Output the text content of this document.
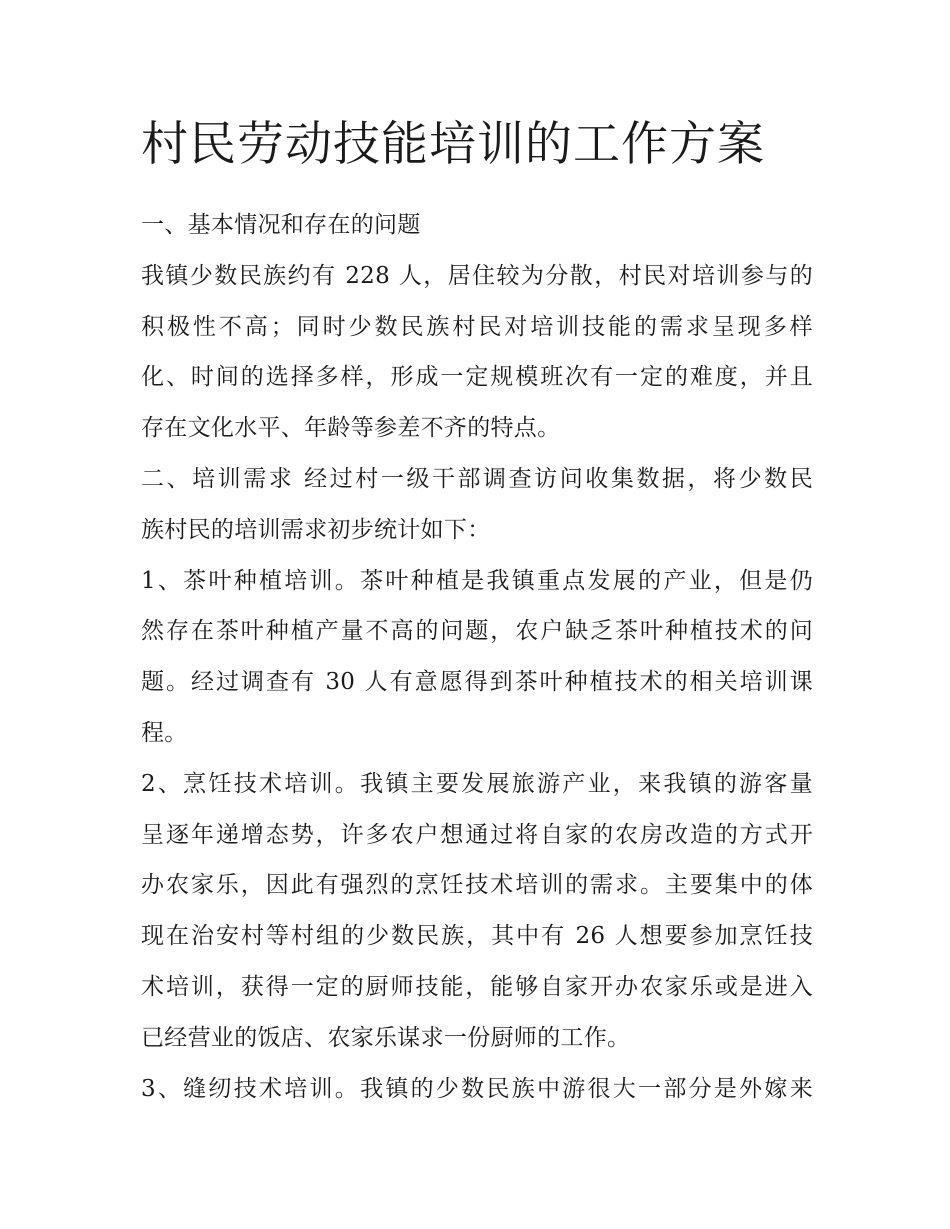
村民劳动技能培训的工作方案
一、基本情况和存在的问题
我镇少数民族约有 228 人，居住较为分散，村民对培训参与的
积极性不高；同时少数民族村民对培训技能的需求呈现多样
化、时间的选择多样，形成一定规模班次有一定的难度，并且
存在文化水平、年龄等参差不齐的特点。
二、培训需求 经过村一级干部调查访问收集数据，将少数民
族村民的培训需求初步统计如下：
1、茶叶种植培训。茶叶种植是我镇重点发展的产业，但是仍
然存在茶叶种植产量不高的问题，农户缺乏茶叶种植技术的问
题。经过调查有 30 人有意愿得到茶叶种植技术的相关培训课
程。
2、烹饪技术培训。我镇主要发展旅游产业，来我镇的游客量
呈逐年递增态势，许多农户想通过将自家的农房改造的方式开
办农家乐，因此有强烈的烹饪技术培训的需求。主要集中的体
现在治安村等村组的少数民族，其中有 26 人想要参加烹饪技
术培训，获得一定的厨师技能，能够自家开办农家乐或是进入
已经营业的饭店、农家乐谋求一份厨师的工作。
3、缝纫技术培训。我镇的少数民族中游很大一部分是外嫁来
